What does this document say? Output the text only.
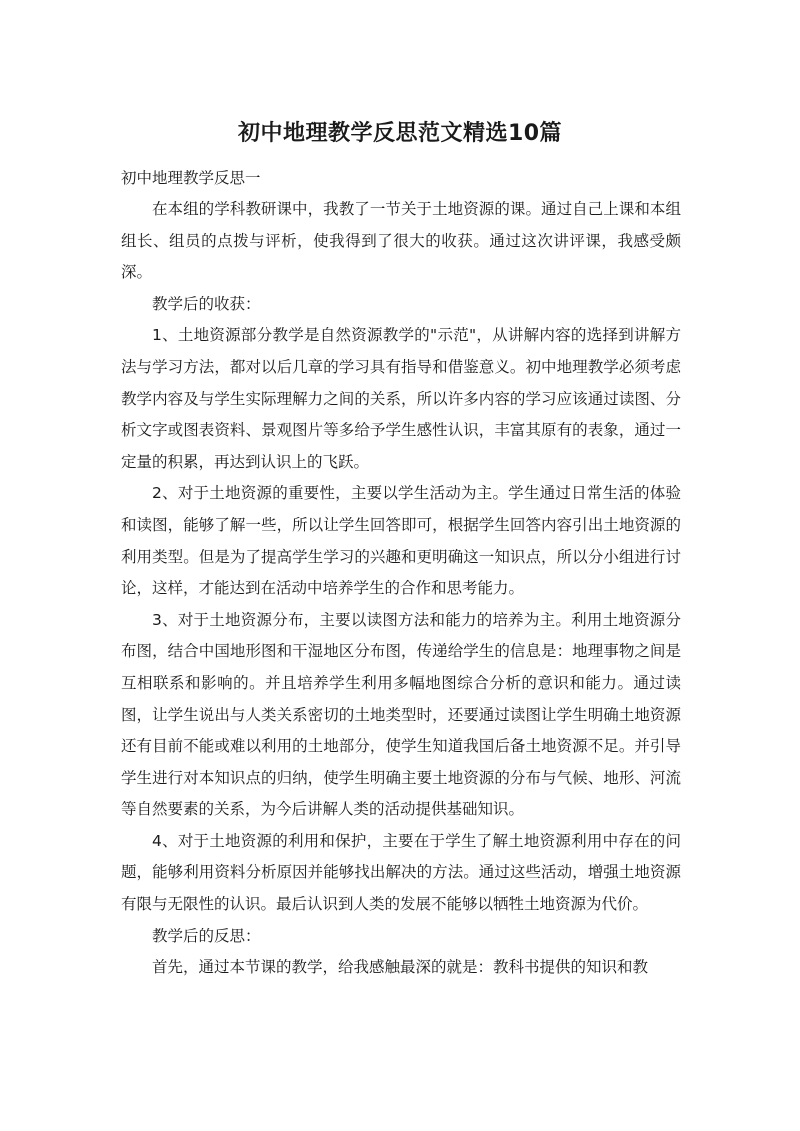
初中地理教学反思范文精选10篇
初中地理教学反思一

在本组的学科教研课中，我教了一节关于土地资源的课。通过自己上课和本组组长、组员的点拨与评析，使我得到了很大的收获。通过这次讲评课，我感受颇深。

教学后的收获：

1、土地资源部分教学是自然资源教学的"示范"，从讲解内容的选择到讲解方法与学习方法，都对以后几章的学习具有指导和借鉴意义。初中地理教学必须考虑教学内容及与学生实际理解力之间的关系，所以许多内容的学习应该通过读图、分析文字或图表资料、景观图片等多给予学生感性认识，丰富其原有的表象，通过一定量的积累，再达到认识上的飞跃。

2、对于土地资源的重要性，主要以学生活动为主。学生通过日常生活的体验和读图，能够了解一些，所以让学生回答即可，根据学生回答内容引出土地资源的利用类型。但是为了提高学生学习的兴趣和更明确这一知识点，所以分小组进行讨论，这样，才能达到在活动中培养学生的合作和思考能力。

3、对于土地资源分布，主要以读图方法和能力的培养为主。利用土地资源分布图，结合中国地形图和干湿地区分布图，传递给学生的信息是：地理事物之间是互相联系和影响的。并且培养学生利用多幅地图综合分析的意识和能力。通过读图，让学生说出与人类关系密切的土地类型时，还要通过读图让学生明确土地资源还有目前不能或难以利用的土地部分，使学生知道我国后备土地资源不足。并引导学生进行对本知识点的归纳，使学生明确主要土地资源的分布与气候、地形、河流等自然要素的关系，为今后讲解人类的活动提供基础知识。

4、对于土地资源的利用和保护，主要在于学生了解土地资源利用中存在的问题，能够利用资料分析原因并能够找出解决的方法。通过这些活动，增强土地资源有限与无限性的认识。最后认识到人类的发展不能够以牺牲土地资源为代价。

教学后的反思：

首先，通过本节课的教学，给我感触最深的就是：教科书提供的知识和教
